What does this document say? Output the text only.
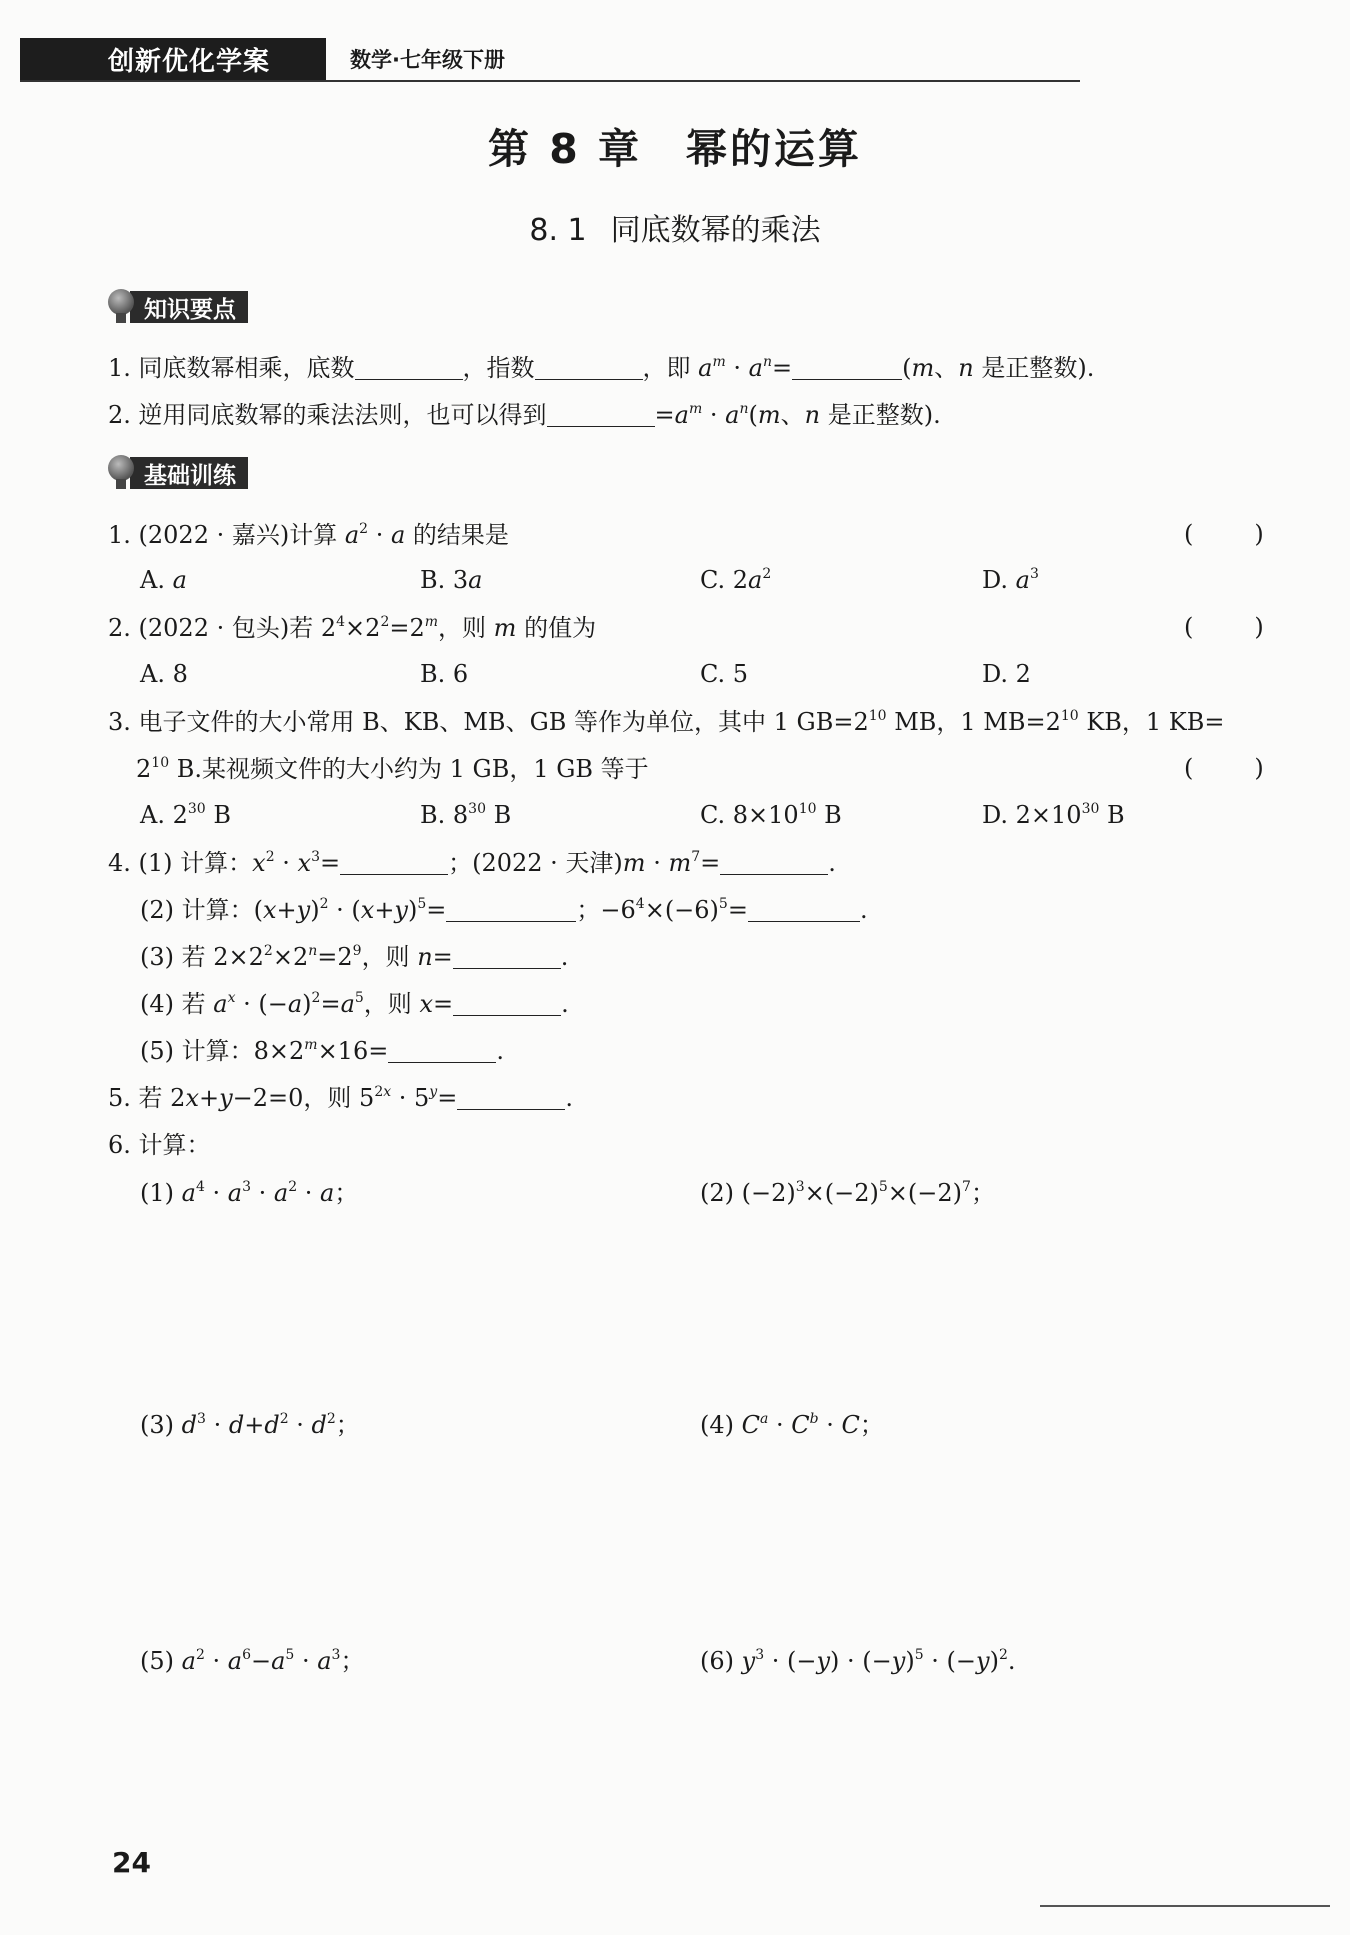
创新优化学案	数学·七年级下册
第 8 章 幂的运算
8. 1 同底数幂的乘法
知识要点
1. 同底数幂相乘，底数	，指数	，即 $a^m \cdot a^n=$	(m、n 是正整数).
2. 逆用同底数幂的乘法法则，也可以得到	$=a^m \cdot a^n(m$、n 是正整数).
基础训练
1. (2022 · 嘉兴)计算 $a^2 \cdot a$ 的结果是	(        )
A. a	B. 3a	C. $2a^2$	D. $a^3$
2. (2022 · 包头)若 $2^4\times 2^2=2^m$，则 m 的值为	(        )
A. 8	B. 6	C. 5	D. 2
3. 电子文件的大小常用 B、KB、MB、GB 等作为单位，其中 1 $GB=2^{10}$ MB，1 $MB=2^{10}$ KB，1 KB=
$2^{10}$ B.某视频文件的大小约为 1 GB，1 GB 等于	(        )
A. $2^{30}$ B	B. $8^{30}$ B	C. $8\times 10^{10}$ B	D. $2\times 10^{30}$ B
4. (1) 计算：$x^2 \cdot x^3=$	；(2022 · 天津)$m \cdot m^7=$	.
(2) 计算：$(x+y)^2 \cdot (x+y)^5=$	；$-6^4\times(-6)^5=$	.
(3) 若 $2\times 2^2\times 2^n=2^9$，则 n=	.
(4) 若 $a^x \cdot (-a)^2=a^5$，则 x=	.
(5) 计算：$8\times 2^m\times 16=$	.
5. 若 2x+y−2=0，则 $5^{2x} \cdot 5^y=$	.
6. 计算：
(1) $a^4 \cdot a^3 \cdot a^2 \cdot a$；	(2) $(-2)^3\times(-2)^5\times(-2)^7$；
(3) $d^3 \cdot d+d^2 \cdot d^2$；	(4) $C^a \cdot C^b \cdot C$；
(5) $a^2 \cdot a^6-a^5 \cdot a^3$；	(6) $y^3 \cdot (-y) \cdot (-y)^5 \cdot (-y)^2$.
24
